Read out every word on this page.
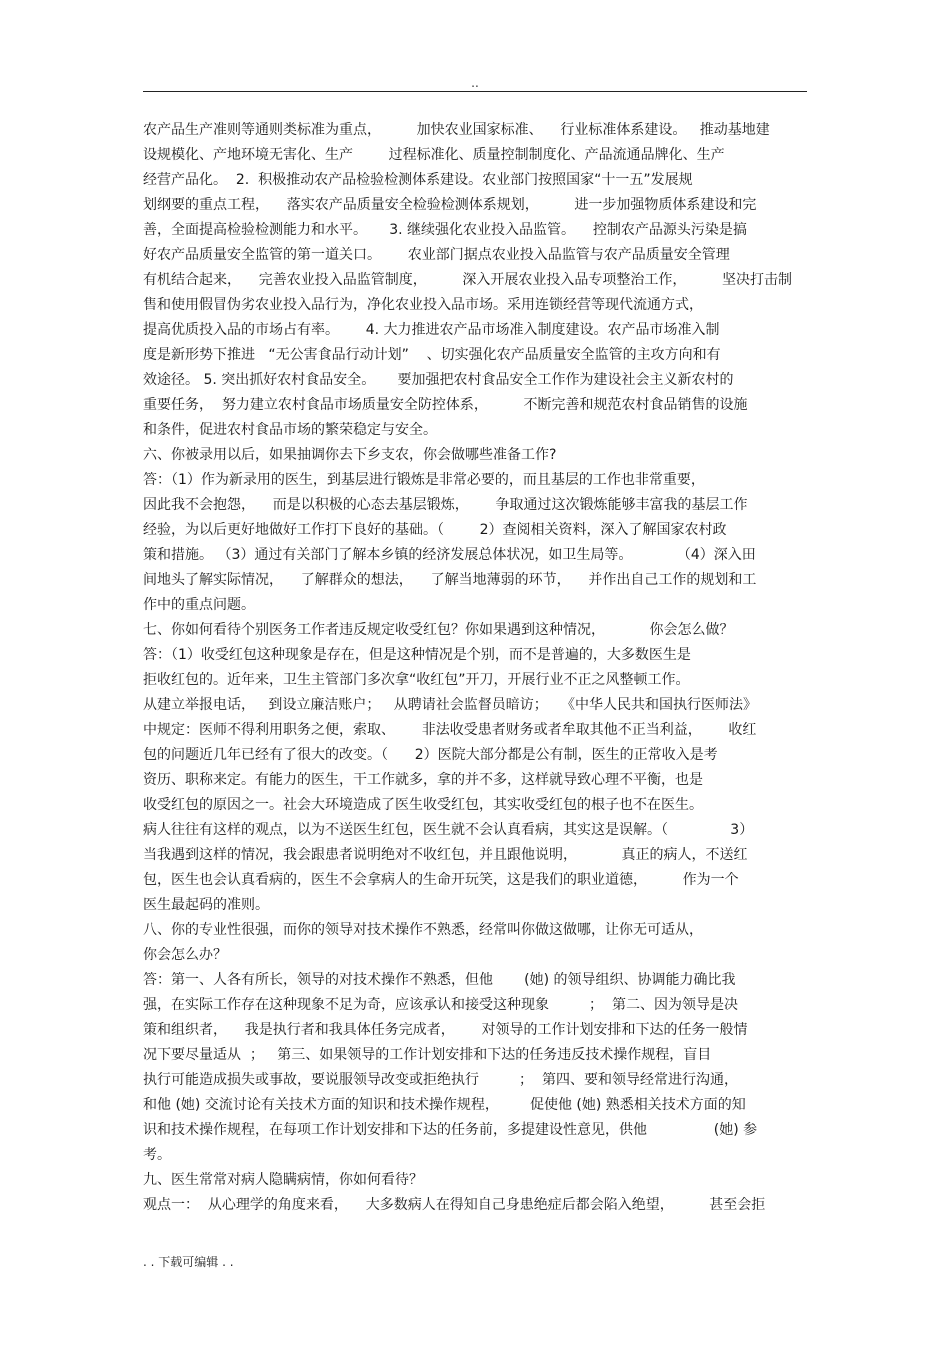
..
农产品生产准则等通则类标准为重点，        加快农业国家标准、    行业标准体系建设。   推动基地建
设规模化、产地环境无害化、生产        过程标准化、质量控制制度化、产品流通品牌化、生产
经营产品化。  2.  积极推动农产品检验检测体系建设。农业部门按照国家“十一五”发展规
划纲要的重点工程，    落实农产品质量安全检验检测体系规划，        进一步加强物质体系建设和完
善，全面提高检验检测能力和水平。     3. 继续强化农业投入品监管。    控制农产品源头污染是搞
好农产品质量安全监管的第一道关口。      农业部门据点农业投入品监管与农产品质量安全管理
有机结合起来，    完善农业投入品监管制度，        深入开展农业投入品专项整治工作，        坚决打击制
售和使用假冒伪劣农业投入品行为，净化农业投入品市场。采用连锁经营等现代流通方式，
提高优质投入品的市场占有率。      4. 大力推进农产品市场准入制度建设。农产品市场准入制
度是新形势下推进   “无公害食品行动计划”    、切实强化农产品质量安全监管的主攻方向和有
效途径。 5. 突出抓好农村食品安全。     要加强把农村食品安全工作作为建设社会主义新农村的
重要任务，  努力建立农村食品市场质量安全防控体系，        不断完善和规范农村食品销售的设施
和条件，促进农村食品市场的繁荣稳定与安全。
六、你被录用以后，如果抽调你去下乡支农，你会做哪些准备工作?
答：（1）作为新录用的医生，到基层进行锻炼是非常必要的，而且基层的工作也非常重要，
因此我不会抱怨，    而是以积极的心态去基层锻炼，      争取通过这次锻炼能够丰富我的基层工作
经验，为以后更好地做好工作打下良好的基础。（        2）查阅相关资料，深入了解国家农村政
策和措施。 （3）通过有关部门了解本乡镇的经济发展总体状况，如卫生局等。          （4）深入田
间地头了解实际情况，    了解群众的想法，    了解当地薄弱的环节，    并作出自己工作的规划和工
作中的重点问题。
七、你如何看待个别医务工作者违反规定收受红包？你如果遇到这种情况，          你会怎么做？
答：（1）收受红包这种现象是存在，但是这种情况是个别，而不是普遍的，大多数医生是
拒收红包的。近年来，卫生主管部门多次拿“收红包”开刀，开展行业不正之风整顿工作。
从建立举报电话，   到设立廉洁账户；   从聘请社会监督员暗访；   《中华人民共和国执行医师法》
中规定：医师不得利用职务之便，索取、      非法收受患者财务或者牟取其他不正当利益，      收红
包的问题近几年已经有了很大的改变。（      2）医院大部分都是公有制，医生的正常收入是考
资历、职称来定。有能力的医生，干工作就多，拿的并不多，这样就导致心理不平衡，也是
收受红包的原因之一。社会大环境造成了医生收受红包，其实收受红包的根子也不在医生。
病人往往有这样的观点，以为不送医生红包，医生就不会认真看病，其实这是误解。（              3）
当我遇到这样的情况，我会跟患者说明绝对不收红包，并且跟他说明，          真正的病人，不送红
包，医生也会认真看病的，医生不会拿病人的生命开玩笑，这是我们的职业道德，        作为一个
医生最起码的准则。
八、你的专业性很强，而你的领导对技术操作不熟悉，经常叫你做这做哪，让你无可适从，
你会怎么办？
答：第一、人各有所长，领导的对技术操作不熟悉，但他       (她) 的领导组织、协调能力确比我
强，在实际工作存在这种现象不足为奇，应该承认和接受这种现象         ；  第二、因为领导是决
策和组织者，    我是执行者和我具体任务完成者，      对领导的工作计划安排和下达的任务一般情
况下要尽量适从  ；   第三、如果领导的工作计划安排和下达的任务违反技术操作规程，盲目
执行可能造成损失或事故，要说服领导改变或拒绝执行         ；  第四、要和领导经常进行沟通，
和他 (她) 交流讨论有关技术方面的知识和技术操作规程，       促使他 (她) 熟悉相关技术方面的知
识和技术操作规程，在每项工作计划安排和下达的任务前，多提建设性意见，供他               (她) 参
考。
九、医生常常对病人隐瞒病情，你如何看待？
观点一：  从心理学的角度来看，    大多数病人在得知自己身患绝症后都会陷入绝望，        甚至会拒
. . 下载可编辑 . .
